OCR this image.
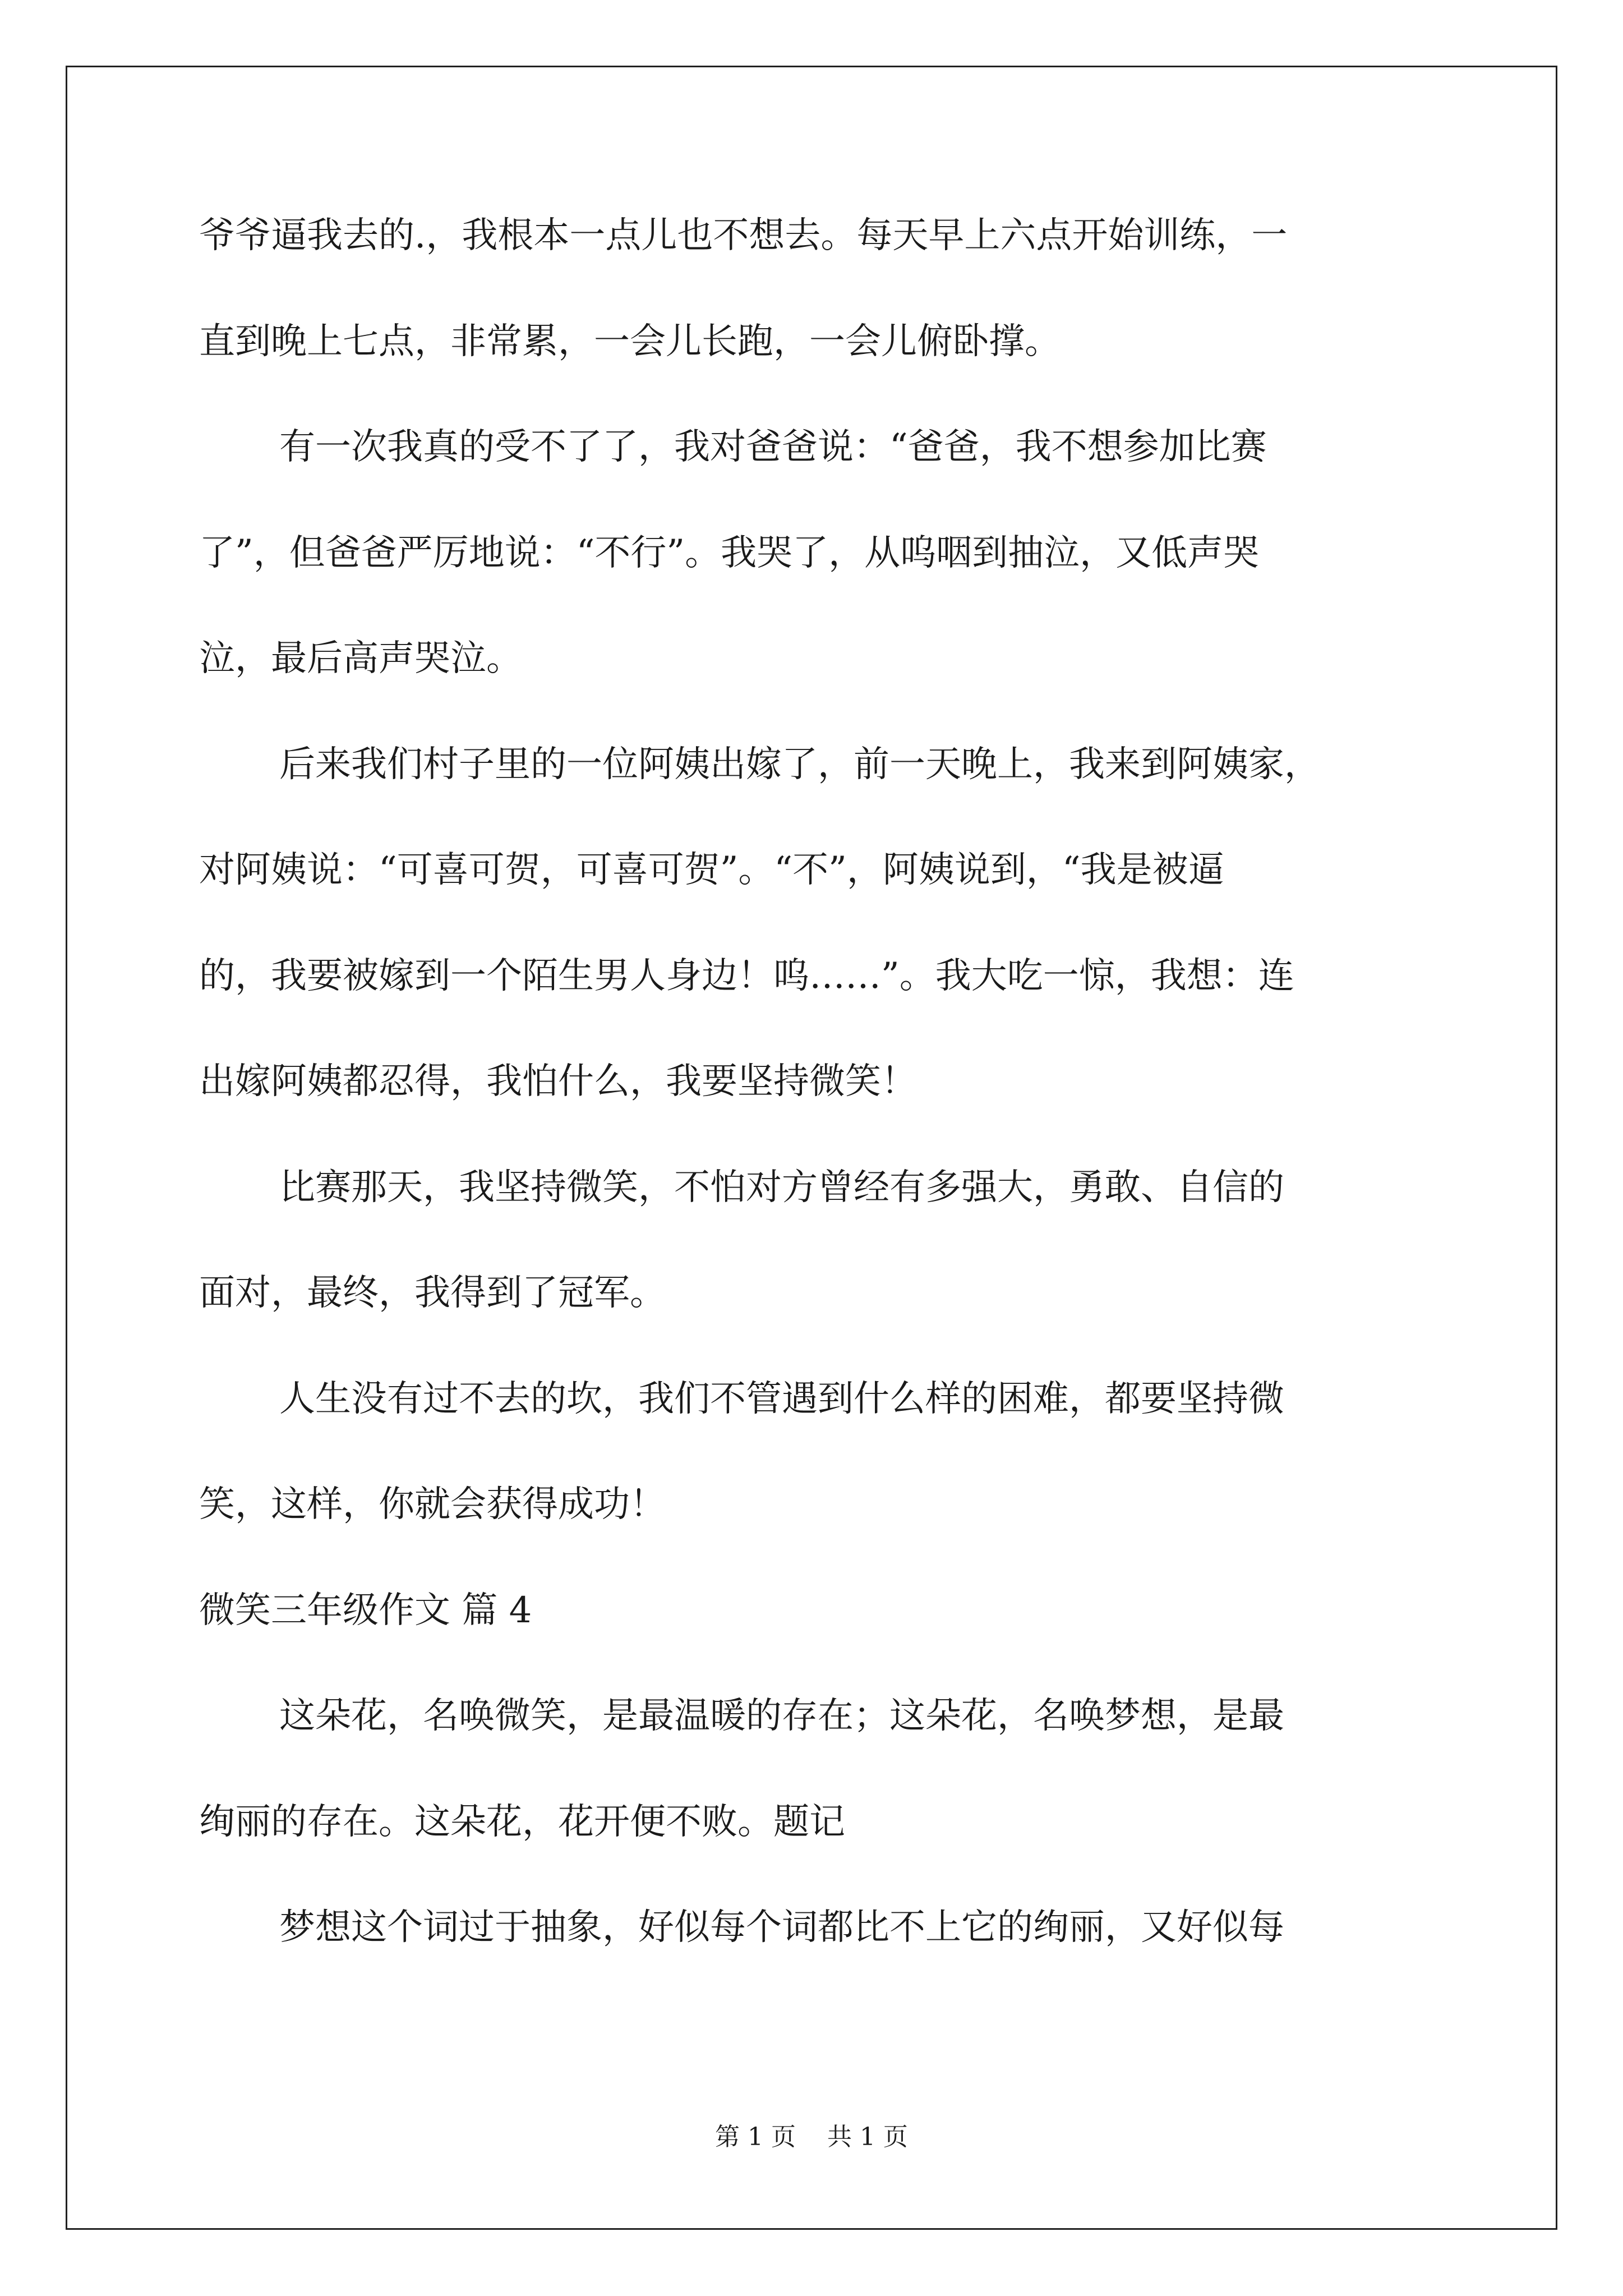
爷爷逼我去的.，我根本一点儿也不想去。每天早上六点开始训练，一
直到晚上七点，非常累，一会儿长跑，一会儿俯卧撑。
有一次我真的受不了了，我对爸爸说：“爸爸，我不想参加比赛
了”，但爸爸严厉地说：“不行”。我哭了，从呜咽到抽泣，又低声哭
泣，最后高声哭泣。
后来我们村子里的一位阿姨出嫁了，前一天晚上，我来到阿姨家，
对阿姨说：“可喜可贺，可喜可贺”。“不”，阿姨说到，“我是被逼
的，我要被嫁到一个陌生男人身边！呜……”。我大吃一惊，我想：连
出嫁阿姨都忍得，我怕什么，我要坚持微笑！
比赛那天，我坚持微笑，不怕对方曾经有多强大，勇敢、自信的
面对，最终，我得到了冠军。
人生没有过不去的坎，我们不管遇到什么样的困难，都要坚持微
笑，这样，你就会获得成功！
微笑三年级作文 篇 4
这朵花，名唤微笑，是最温暖的存在；这朵花，名唤梦想，是最
绚丽的存在。这朵花，花开便不败。题记
梦想这个词过于抽象，好似每个词都比不上它的绚丽，又好似每
第 1 页    共 1 页
